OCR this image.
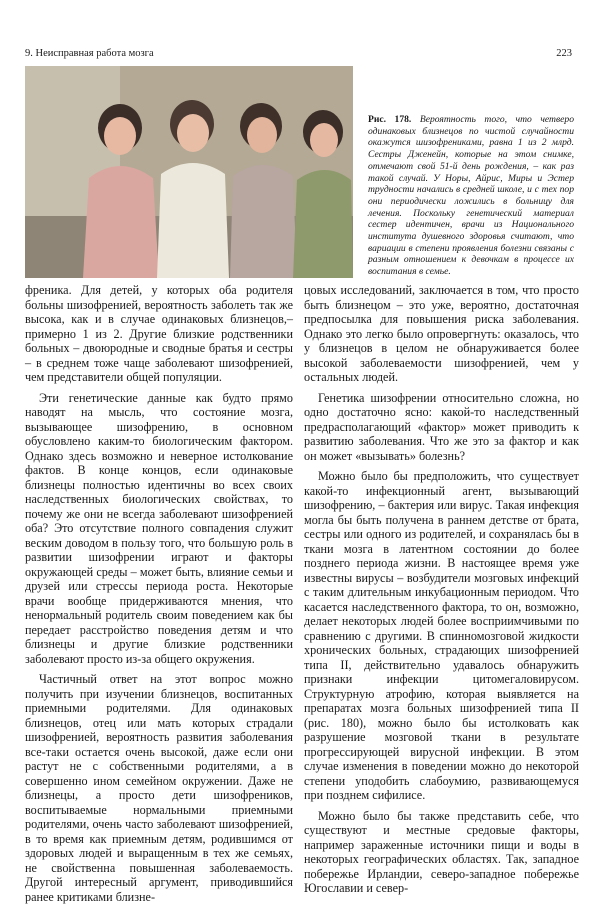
9. Неисправная работа мозга	223
Рис. 178. Вероятность того, что четверо одинаковых близнецов по чистой случайности окажутся шизофрениками, равна 1 из 2 млрд. Сестры Дженейн, которые на этом снимке, отмечают свой 51-й день рождения, – как раз такой случай. У Норы, Айрис, Миры и Эстер трудности начались в средней школе, и с тех пор они периодически ложились в больницу для лечения. Поскольку генетический материал сестер идентичен, врачи из Национального института душевного здоровья считают, что вариации в степени проявления болезни связаны с разным отношением к девочкам в процессе их воспитания в семье.

френика. Для детей, у которых оба родителя больны шизофренией, вероятность заболеть так же высока, как и в случае одинаковых близнецов,– примерно 1 из 2. Другие близкие родственники больных – двоюродные и сводные братья и сестры – в среднем тоже чаще заболевают шизофренией, чем представители общей популяции.

Эти генетические данные как будто прямо наводят на мысль, что состояние мозга, вызывающее шизофрению, в основном обусловлено каким-то биологическим фактором. Однако здесь возможно и неверное истолкование фактов. В конце концов, если одинаковые близнецы полностью идентичны во всех своих наследственных биологических свойствах, то почему же они не всегда заболевают шизофренией оба? Это отсутствие полного совпадения служит веским доводом в пользу того, что большую роль в развитии шизофрении играют и факторы окружающей среды – может быть, влияние семьи и друзей или стрессы периода роста. Некоторые врачи вообще придерживаются мнения, что ненормальный родитель своим поведением как бы передает расстройство поведения детям и что близнецы и другие близкие родственники заболевают просто из-за общего окружения.

Частичный ответ на этот вопрос можно получить при изучении близнецов, воспитанных приемными родителями. Для одинаковых близнецов, отец или мать которых страдали шизофренией, вероятность развития заболевания все-таки остается очень высокой, даже если они растут не с собственными родителями, а в совершенно ином семейном окружении. Даже не близнецы, а просто дети шизофреников, воспитываемые нормальными приемными родителями, очень часто заболевают шизофренией, в то время как приемным детям, родившимся от здоровых людей и выращенным в тех же семьях, не свойственна повышенная заболеваемость. Другой интересный аргумент, приводившийся ранее критиками близне-

цовых исследований, заключается в том, что просто быть близнецом – это уже, вероятно, достаточная предпосылка для повышения риска заболевания. Однако это легко было опровергнуть: оказалось, что у близнецов в целом не обнаруживается более высокой заболеваемости шизофренией, чем у остальных людей.

Генетика шизофрении относительно сложна, но одно достаточно ясно: какой-то наследственный предрасполагающий «фактор» может приводить к развитию заболевания. Что же это за фактор и как он может «вызывать» болезнь?

Можно было бы предположить, что существует какой-то инфекционный агент, вызывающий шизофрению, – бактерия или вирус. Такая инфекция могла бы быть получена в раннем детстве от брата, сестры или одного из родителей, и сохранялась бы в ткани мозга в латентном состоянии до более позднего периода жизни. В настоящее время уже известны вирусы – возбудители мозговых инфекций с таким длительным инкубационным периодом. Что касается наследственного фактора, то он, возможно, делает некоторых людей более восприимчивыми по сравнению с другими. В спинномозговой жидкости хронических больных, страдающих шизофренией типа II, действительно удавалось обнаружить признаки инфекции цитомегаловирусом. Структурную атрофию, которая выявляется на препаратах мозга больных шизофренией типа II (рис. 180), можно было бы истолковать как разрушение мозговой ткани в результате прогрессирующей вирусной инфекции. В этом случае изменения в поведении можно до некоторой степени уподобить слабоумию, развивающемуся при позднем сифилисе.

Можно было бы также представить себе, что существуют и местные средовые факторы, например зараженные источники пищи и воды в некоторых географических областях. Так, западное побережье Ирландии, северо-западное побережье Югославии и север-
